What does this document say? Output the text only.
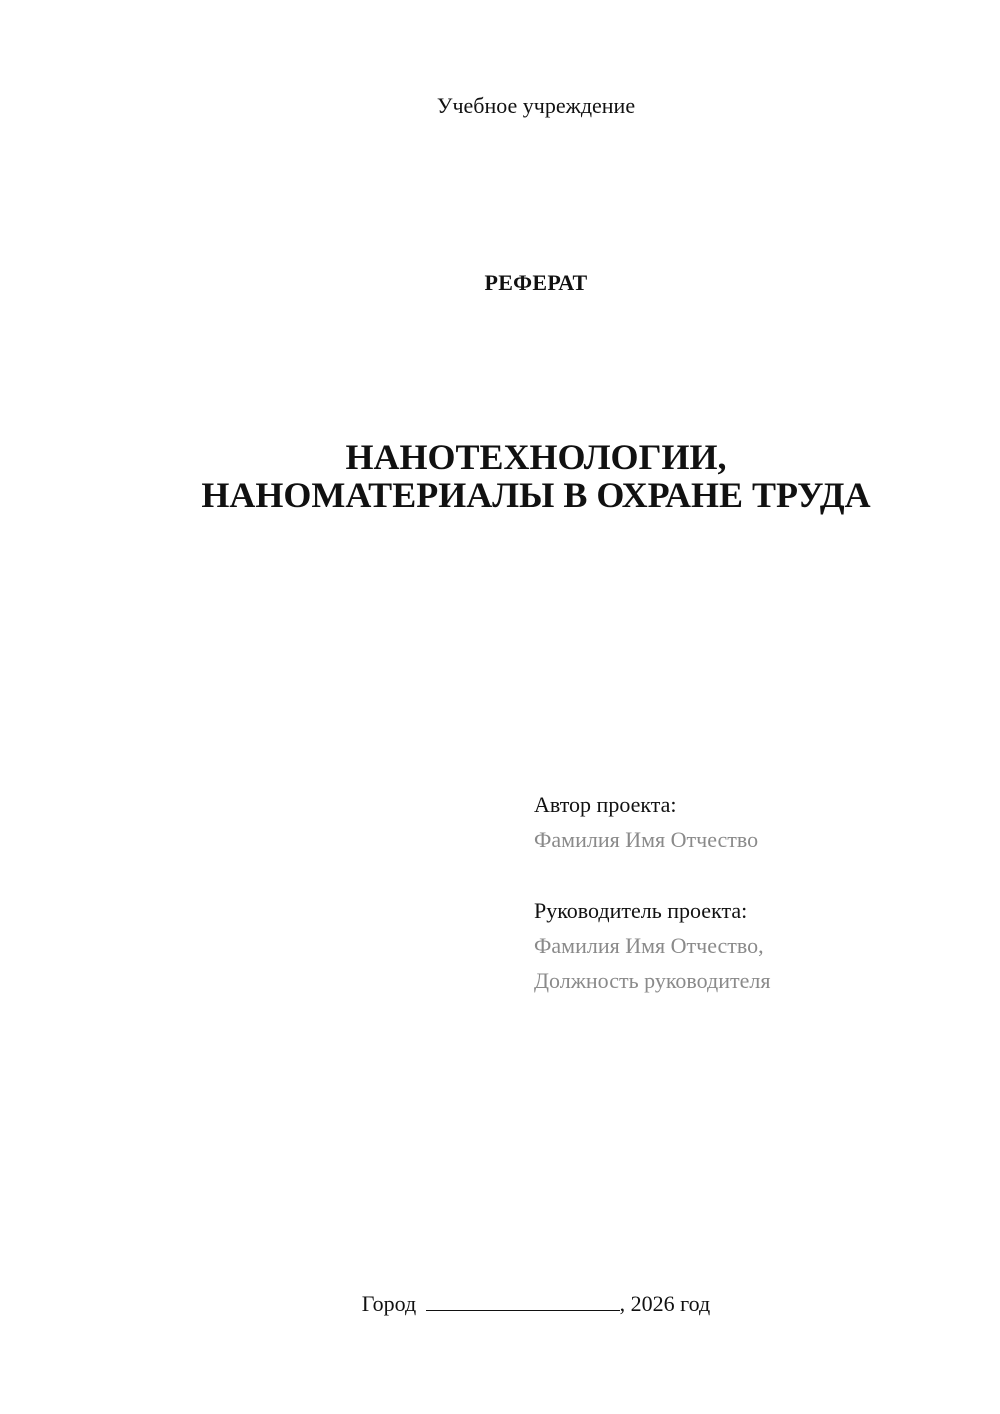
Учебное учреждение
РЕФЕРАТ
НАНОТЕХНОЛОГИИ,
НАНОМАТЕРИАЛЫ В ОХРАНЕ ТРУДА
Автор проекта:
Фамилия Имя Отчество
Руководитель проекта:
Фамилия Имя Отчество,
Должность руководителя
Город	, 2026 год
